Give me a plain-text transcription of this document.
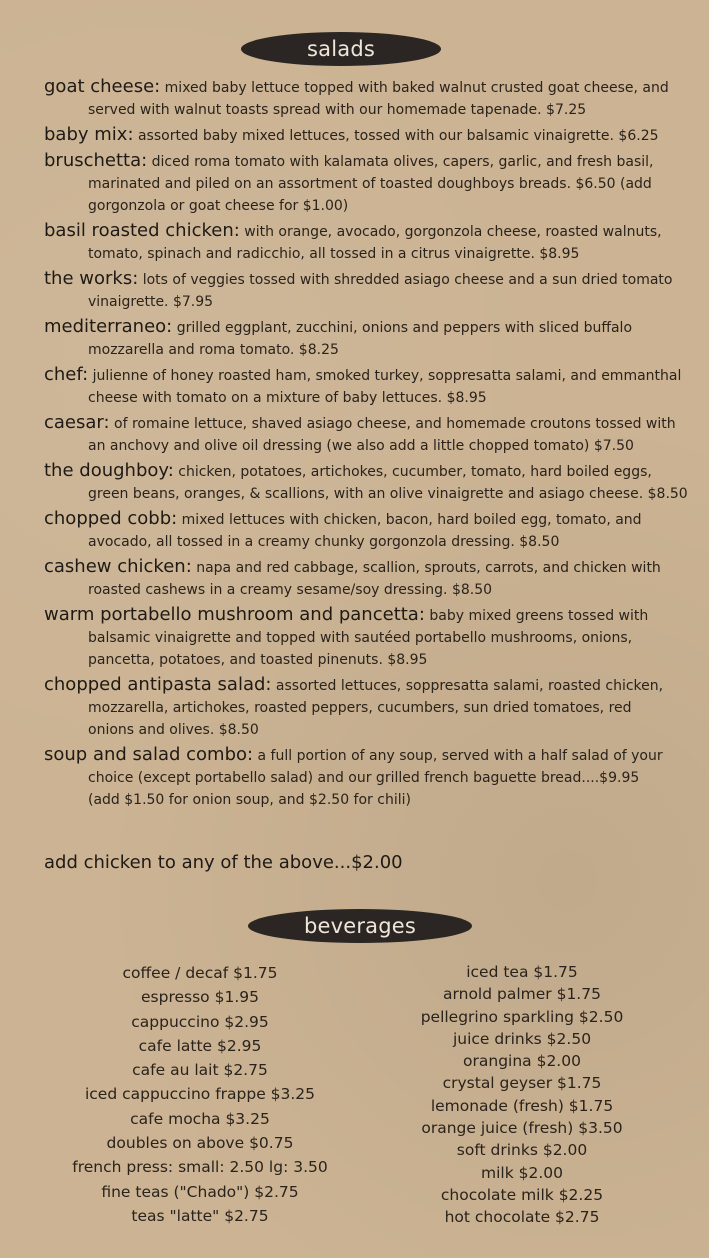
salads
goat cheese: mixed baby lettuce topped with baked walnut crusted goat cheese, and
served with walnut toasts spread with our homemade tapenade. $7.25
baby mix: assorted baby mixed lettuces, tossed with our balsamic vinaigrette. $6.25
bruschetta: diced roma tomato with kalamata olives, capers, garlic, and fresh basil,
marinated and piled on an assortment of toasted doughboys breads. $6.50 (add
gorgonzola or goat cheese for $1.00)
basil roasted chicken: with orange, avocado, gorgonzola cheese, roasted walnuts,
tomato, spinach and radicchio, all tossed in a citrus vinaigrette. $8.95
the works: lots of veggies tossed with shredded asiago cheese and a sun dried tomato
vinaigrette. $7.95
mediterraneo: grilled eggplant, zucchini, onions and peppers with sliced buffalo
mozzarella and roma tomato. $8.25
chef: julienne of honey roasted ham, smoked turkey, soppresatta salami, and emmanthal
cheese with tomato on a mixture of baby lettuces. $8.95
caesar: of romaine lettuce, shaved asiago cheese, and homemade croutons tossed with
an anchovy and olive oil dressing (we also add a little chopped tomato) $7.50
the doughboy: chicken, potatoes, artichokes, cucumber, tomato, hard boiled eggs,
green beans, oranges, & scallions, with an olive vinaigrette and asiago cheese. $8.50
chopped cobb: mixed lettuces with chicken, bacon, hard boiled egg, tomato, and
avocado, all tossed in a creamy chunky gorgonzola dressing. $8.50
cashew chicken: napa and red cabbage, scallion, sprouts, carrots, and chicken with
roasted cashews in a creamy sesame/soy dressing. $8.50
warm portabello mushroom and pancetta: baby mixed greens tossed with
balsamic vinaigrette and topped with sautéed portabello mushrooms, onions,
pancetta, potatoes, and toasted pinenuts. $8.95
chopped antipasta salad: assorted lettuces, soppresatta salami, roasted chicken,
mozzarella, artichokes, roasted peppers, cucumbers, sun dried tomatoes, red
onions and olives. $8.50
soup and salad combo: a full portion of any soup, served with a half salad of your
choice (except portabello salad) and our grilled french baguette bread....$9.95
(add $1.50 for onion soup, and $2.50 for chili)
add chicken to any of the above...$2.00
beverages
coffee / decaf $1.75
espresso $1.95
cappuccino $2.95
cafe latte $2.95
cafe au lait $2.75
iced cappuccino frappe $3.25
cafe mocha $3.25
doubles on above $0.75
french press: small: 2.50 lg: 3.50
fine teas ("Chado") $2.75
teas "latte" $2.75
iced tea $1.75
arnold palmer $1.75
pellegrino sparkling $2.50
juice drinks $2.50
orangina $2.00
crystal geyser $1.75
lemonade (fresh) $1.75
orange juice (fresh) $3.50
soft drinks $2.00
milk $2.00
chocolate milk $2.25
hot chocolate $2.75
